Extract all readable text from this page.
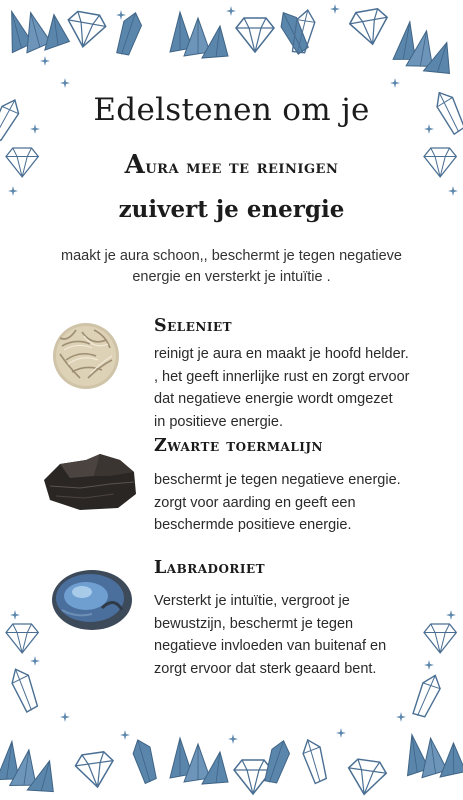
Edelstenen om je
Aura mee te reinigen
zuivert je energie
maakt je aura schoon,, beschermt je tegen negatieve
energie en versterkt je intuïtie .
Seleniet
reinigt je aura en maakt je hoofd helder.
, het geeft innerlijke rust en zorgt ervoor
dat negatieve energie wordt omgezet
in positieve energie.
Zwarte toermalijn
beschermt je tegen negatieve energie.
zorgt voor aarding en geeft een
beschermde positieve energie.
Labradoriet
Versterkt je intuïtie, vergroot je
bewustzijn, beschermt je tegen
negatieve invloeden van buitenaf en
zorgt ervoor dat sterk geaard bent.
